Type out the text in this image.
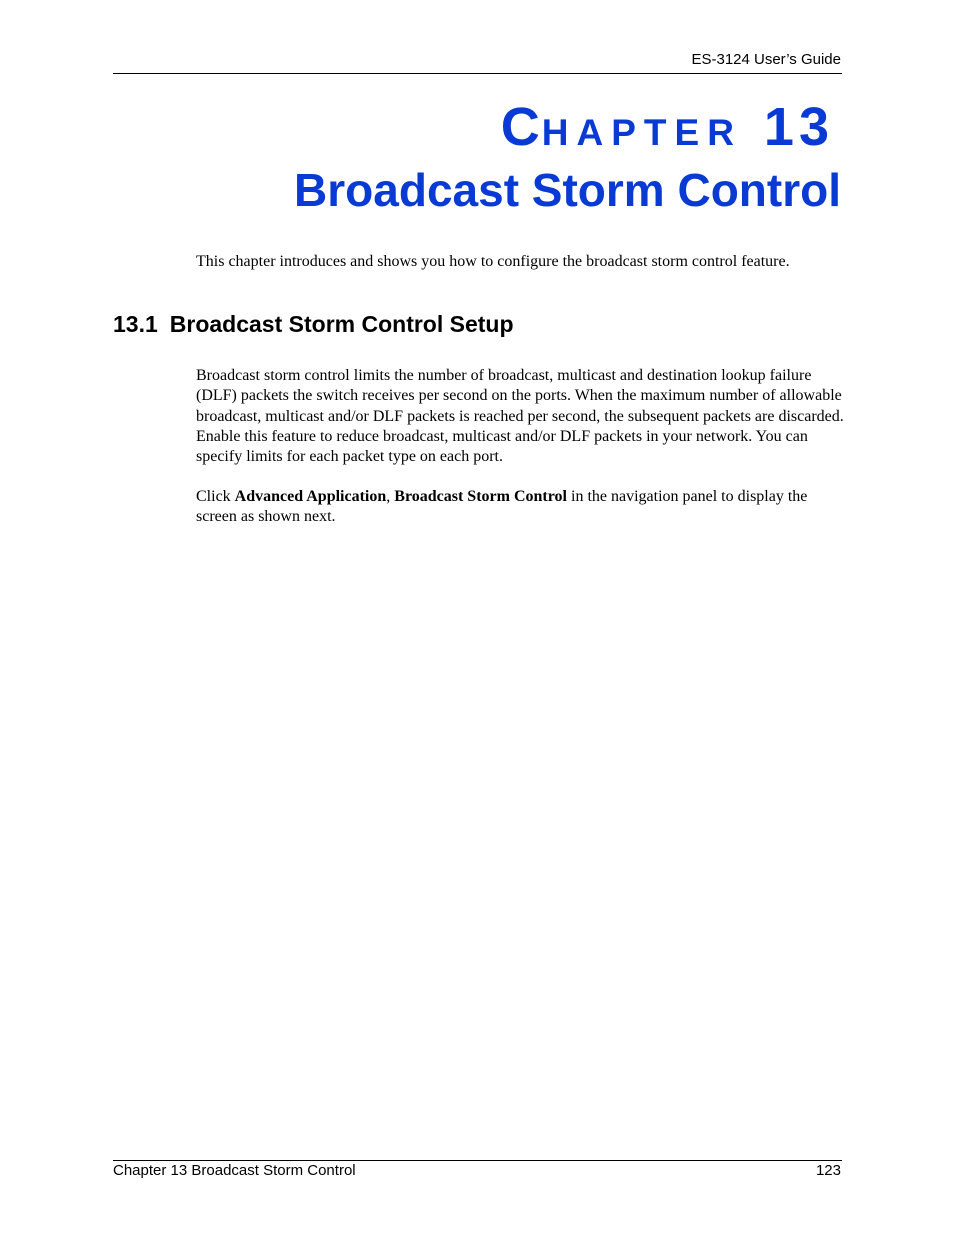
ES-3124 User’s Guide
CHAPTER 13
Broadcast Storm Control
This chapter introduces and shows you how to configure the broadcast storm control feature.
13.1 Broadcast Storm Control Setup

Broadcast storm control limits the number of broadcast, multicast and destination lookup failure (DLF) packets the switch receives per second on the ports. When the maximum number of allowable broadcast, multicast and/or DLF packets is reached per second, the subsequent packets are discarded. Enable this feature to reduce broadcast, multicast and/or DLF packets in your network. You can specify limits for each packet type on each port.

Click Advanced Application, Broadcast Storm Control in the navigation panel to display the screen as shown next.

Chapter 13 Broadcast Storm Control	123
